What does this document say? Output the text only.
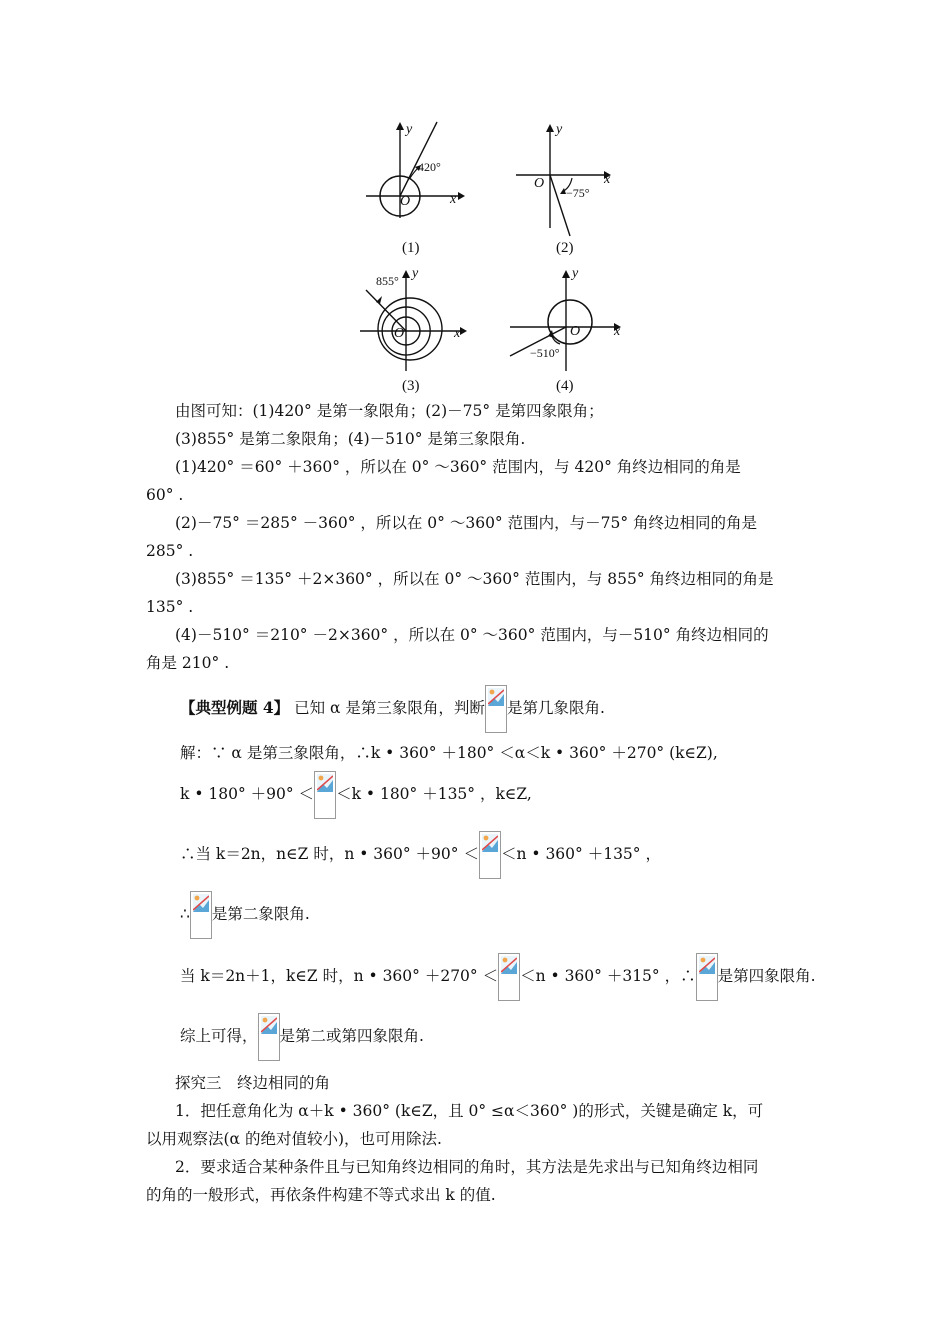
y
x
O
420°
(1)
y
x
O
−75°
(2)
y
x
O
855°
(3)
y
x
O
−510°
(4)
由图可知：(1)420° 是第一象限角；(2)－75° 是第四象限角；
(3)855° 是第二象限角；(4)－510° 是第三象限角.
(1)420° ＝60° ＋360° ，所以在 0° ～360° 范围内，与 420° 角终边相同的角是
60° .
(2)－75° ＝285° －360° ，所以在 0° ～360° 范围内，与－75° 角终边相同的角是
285° .
(3)855° ＝135° ＋2×360° ，所以在 0° ～360° 范围内，与 855° 角终边相同的角是
135° .
(4)－510° ＝210° －2×360° ，所以在 0° ～360° 范围内，与－510° 角终边相同的
角是 210° .
【典型例题 4】 已知 α 是第三象限角，判断 是第几象限角.
解：∵ α 是第三象限角，∴k • 360° ＋180° ＜α＜k • 360° ＋270° (k∈Z),
k • 180° ＋90° ＜ ＜k • 180° ＋135° ，k∈Z,
∴当 k＝2n，n∈Z 时，n • 360° ＋90° ＜ ＜n • 360° ＋135° ，
∴ 是第二象限角.
当 k＝2n＋1，k∈Z 时，n • 360° ＋270° ＜ ＜n • 360° ＋315° ，∴ 是第四象限角.
综上可得， 是第二或第四象限角.
探究三　终边相同的角
1．把任意角化为 α＋k • 360° (k∈Z，且 0° ≤α＜360° )的形式，关键是确定 k，可
以用观察法(α 的绝对值较小)，也可用除法.
2．要求适合某种条件且与已知角终边相同的角时，其方法是先求出与已知角终边相同
的角的一般形式，再依条件构建不等式求出 k 的值.
